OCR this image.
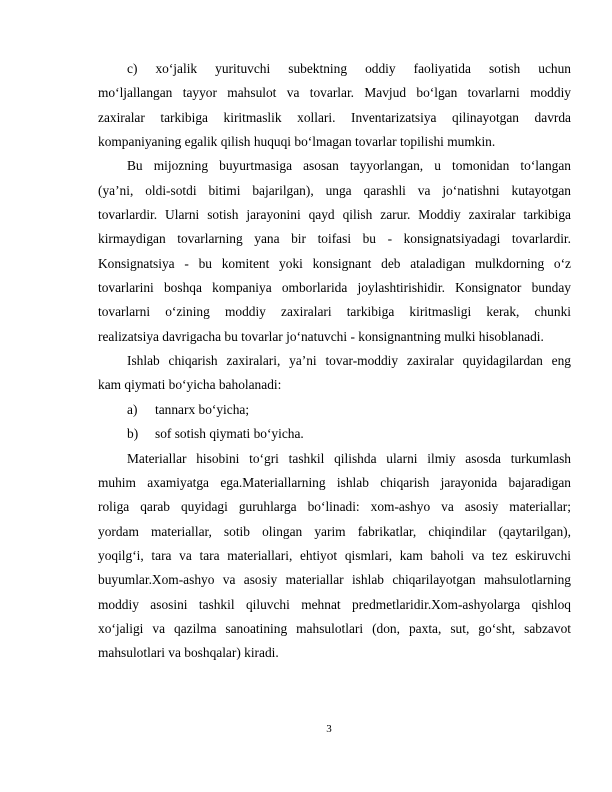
c) xo‘jalik yurituvchi subektning oddiy faoliyatida sotish uchun
mo‘ljallangan tayyor mahsulot va tovarlar. Mavjud bo‘lgan tovarlarni moddiy
zaxiralar tarkibiga kiritmaslik xollari. Inventarizatsiya qilinayotgan davrda
kompaniyaning egalik qilish huquqi bo‘lmagan tovarlar topilishi mumkin.
Bu mijozning buyurtmasiga asosan tayyorlangan, u tomonidan to‘langan
(ya’ni, oldi-sotdi bitimi bajarilgan), unga qarashli va jo‘natishni kutayotgan
tovarlardir. Ularni sotish jarayonini qayd qilish zarur. Moddiy zaxiralar tarkibiga
kirmaydigan tovarlarning yana bir toifasi bu - konsignatsiyadagi tovarlardir.
Konsignatsiya - bu komitent yoki konsignant deb ataladigan mulkdorning o‘z
tovarlarini boshqa kompaniya omborlarida joylashtirishidir. Konsignator bunday
tovarlarni o‘zining moddiy zaxiralari tarkibiga kiritmasligi kerak, chunki
realizatsiya davrigacha bu tovarlar jo‘natuvchi - konsignantning mulki hisoblanadi.
Ishlab chiqarish zaxiralari, ya’ni tovar-moddiy zaxiralar quyidagilardan eng
kam qiymati bo‘yicha baholanadi:
a) tannarx bo‘yicha;
b) sof sotish qiymati bo‘yicha.
Materiallar hisobini to‘gri tashkil qilishda ularni ilmiy asosda turkumlash
muhim axamiyatga ega.Materiallarning ishlab chiqarish jarayonida bajaradigan
roliga qarab quyidagi guruhlarga bo‘linadi: xom-ashyo va asosiy materiallar;
yordam materiallar, sotib olingan yarim fabrikatlar, chiqindilar (qaytarilgan),
yoqilg‘i, tara va tara materiallari, ehtiyot qismlari, kam baholi va tez eskiruvchi
buyumlar.Xom-ashyo va asosiy materiallar ishlab chiqarilayotgan mahsulotlarning
moddiy asosini tashkil qiluvchi mehnat predmetlaridir.Xom-ashyolarga qishloq
xo‘jaligi va qazilma sanoatining mahsulotlari (don, paxta, sut, go‘sht, sabzavot
mahsulotlari va boshqalar) kiradi.
3
